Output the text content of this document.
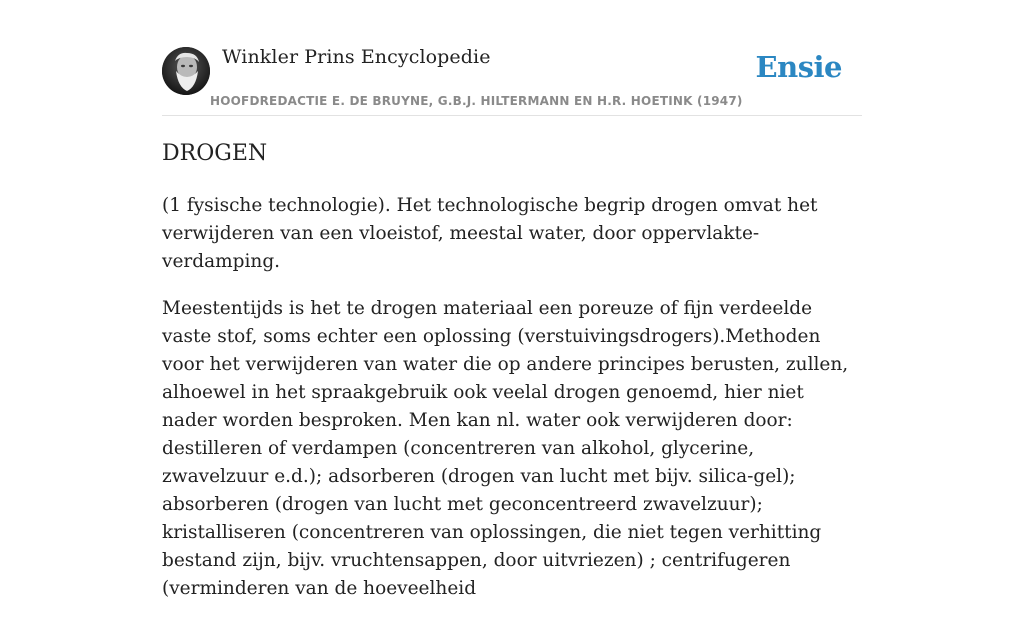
Winkler Prins Encyclopedie
HOOFDREDACTIE E. DE BRUYNE, G.B.J. HILTERMANN EN H.R. HOETINK (1947)
Ensie
DROGEN

(1 fysische technologie). Het technologische begrip drogen omvat het verwijderen van een vloeistof, meestal water, door oppervlakte-verdamping.

Meestentijds is het te drogen materiaal een poreuze of fijn verdeelde vaste stof, soms echter een oplossing (verstuivingsdrogers).Methoden voor het verwijderen van water die op andere principes berusten, zullen, alhoewel in het spraakgebruik ook veelal drogen genoemd, hier niet nader worden besproken. Men kan nl. water ook verwijderen door: destilleren of verdampen (concentreren van alkohol, glycerine, zwavelzuur e.d.); adsorberen (drogen van lucht met bijv. silica-gel); absorberen (drogen van lucht met geconcentreerd zwavelzuur); kristalliseren (concentreren van oplossingen, die niet tegen verhitting bestand zijn, bijv. vruchtensappen, door uitvriezen) ; centrifugeren (verminderen van de hoeveelheid
